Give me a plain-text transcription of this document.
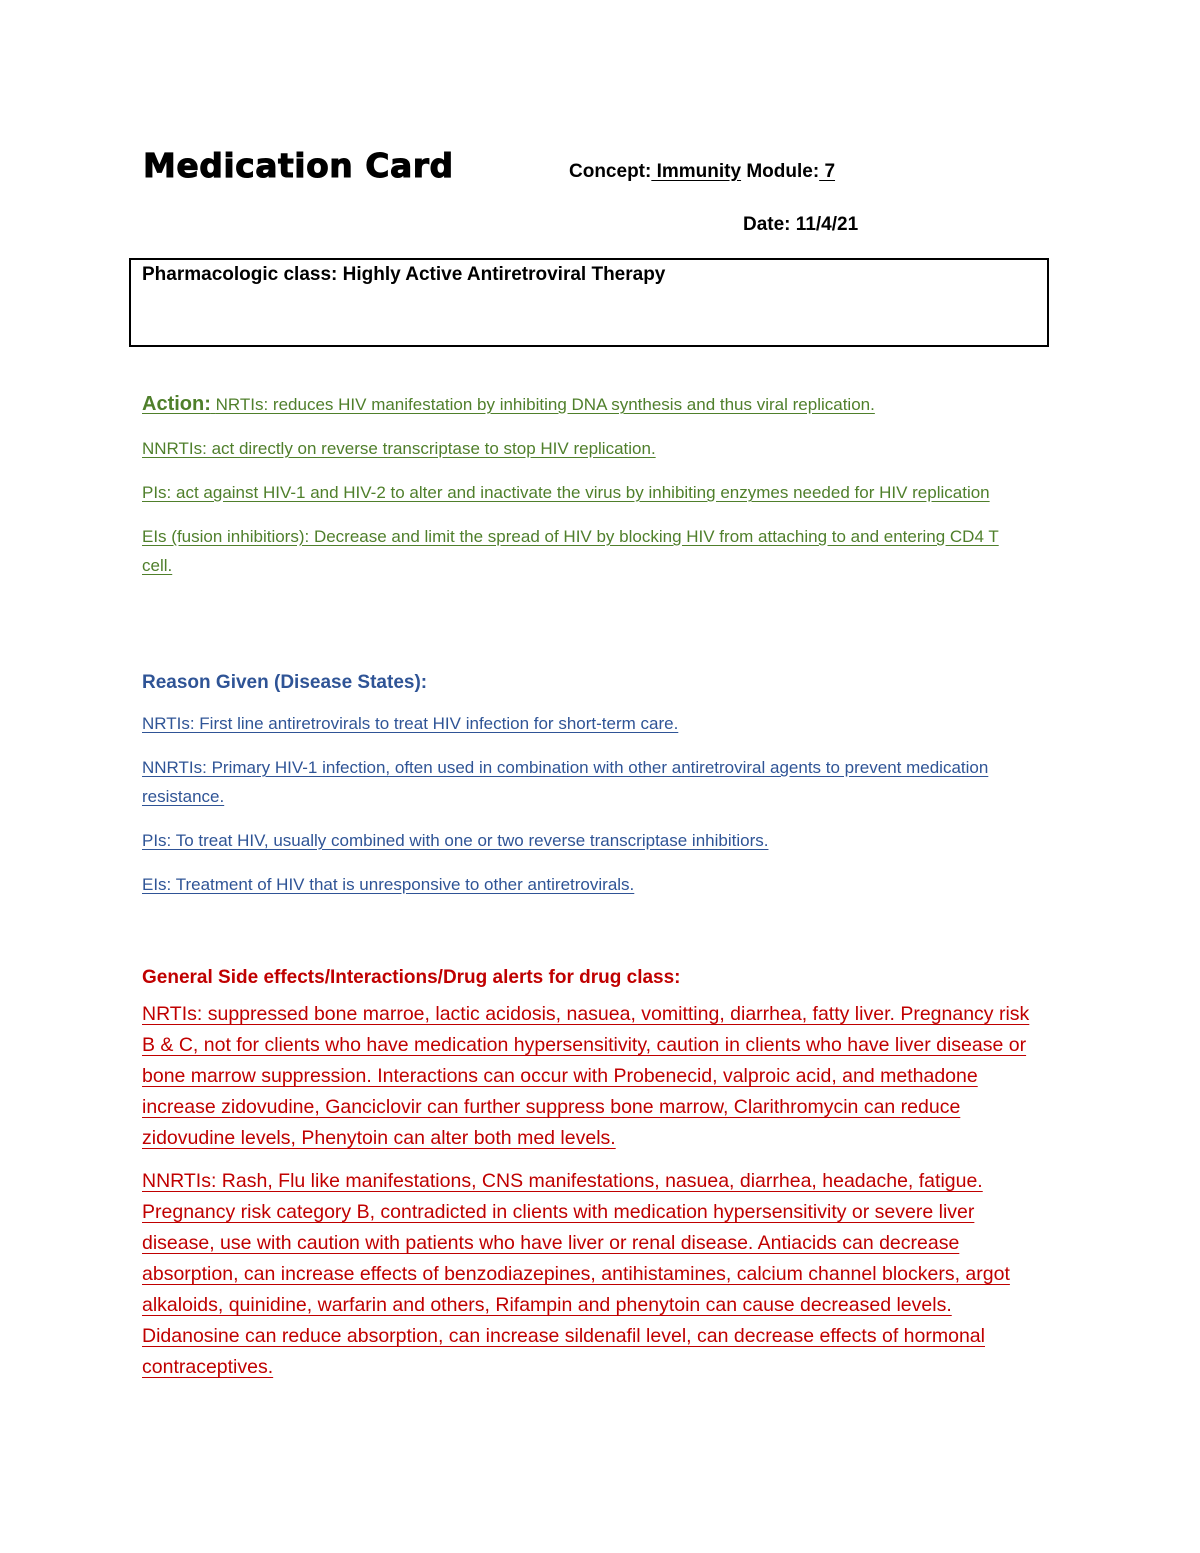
Medication Card	Concept: Immunity Module: 7
Date: 11/4/21
Pharmacologic class: Highly Active Antiretroviral Therapy

Action: NRTIs: reduces HIV manifestation by inhibiting DNA synthesis and thus viral replication.

NNRTIs: act directly on reverse transcriptase to stop HIV replication.

PIs: act against HIV-1 and HIV-2 to alter and inactivate the virus by inhibiting enzymes needed for HIV replication

EIs (fusion inhibitiors): Decrease and limit the spread of HIV by blocking HIV from attaching to and entering CD4 T cell.

Reason Given (Disease States):

NRTIs: First line antiretrovirals to treat HIV infection for short-term care.

NNRTIs: Primary HIV-1 infection, often used in combination with other antiretroviral agents to prevent medication resistance.

PIs: To treat HIV, usually combined with one or two reverse transcriptase inhibitiors.

EIs: Treatment of HIV that is unresponsive to other antiretrovirals.

General Side effects/Interactions/Drug alerts for drug class:

NRTIs: suppressed bone marroe, lactic acidosis, nasuea, vomitting, diarrhea, fatty liver. Pregnancy risk B & C, not for clients who have medication hypersensitivity, caution in clients who have liver disease or bone marrow suppression. Interactions can occur with Probenecid, valproic acid, and methadone increase zidovudine, Ganciclovir can further suppress bone marrow, Clarithromycin can reduce zidovudine levels, Phenytoin can alter both med levels.

NNRTIs: Rash, Flu like manifestations, CNS manifestations, nasuea, diarrhea, headache, fatigue. Pregnancy risk category B, contradicted in clients with medication hypersensitivity or severe liver disease, use with caution with patients who have liver or renal disease. Antiacids can decrease absorption, can increase effects of benzodiazepines, antihistamines, calcium channel blockers, argot alkaloids, quinidine, warfarin and others, Rifampin and phenytoin can cause decreased levels. Didanosine can reduce absorption, can increase sildenafil level, can decrease effects of hormonal contraceptives.
